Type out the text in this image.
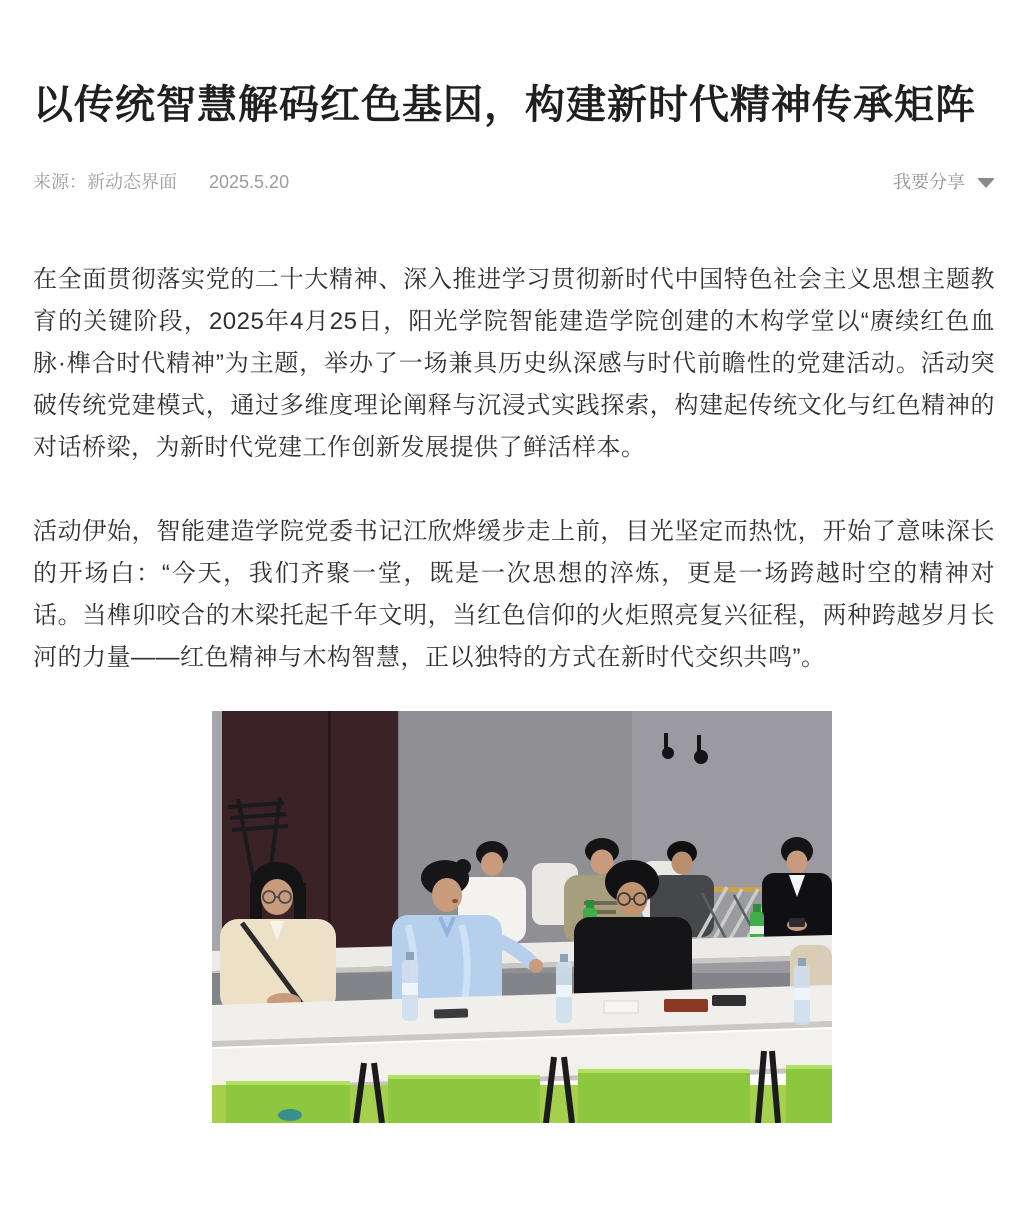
以传统智慧解码红色基因，构建新时代精神传承矩阵
来源：新动态界面 2025.5.20	我要分享

在全面贯彻落实党的二十大精神、深入推进学习贯彻新时代中国特色社会主义思想主题教育的关键阶段，2025年4月25日，阳光学院智能建造学院创建的木构学堂以“赓续红色血脉·榫合时代精神”为主题，举办了一场兼具历史纵深感与时代前瞻性的党建活动。活动突破传统党建模式，通过多维度理论阐释与沉浸式实践探索，构建起传统文化与红色精神的对话桥梁，为新时代党建工作创新发展提供了鲜活样本。

活动伊始，智能建造学院党委书记江欣烨缓步走上前，目光坚定而热忱，开始了意味深长的开场白：“今天，我们齐聚一堂，既是一次思想的淬炼，更是一场跨越时空的精神对话。当榫卯咬合的木梁托起千年文明，当红色信仰的火炬照亮复兴征程，两种跨越岁月长河的力量——红色精神与木构智慧，正以独特的方式在新时代交织共鸣”。
